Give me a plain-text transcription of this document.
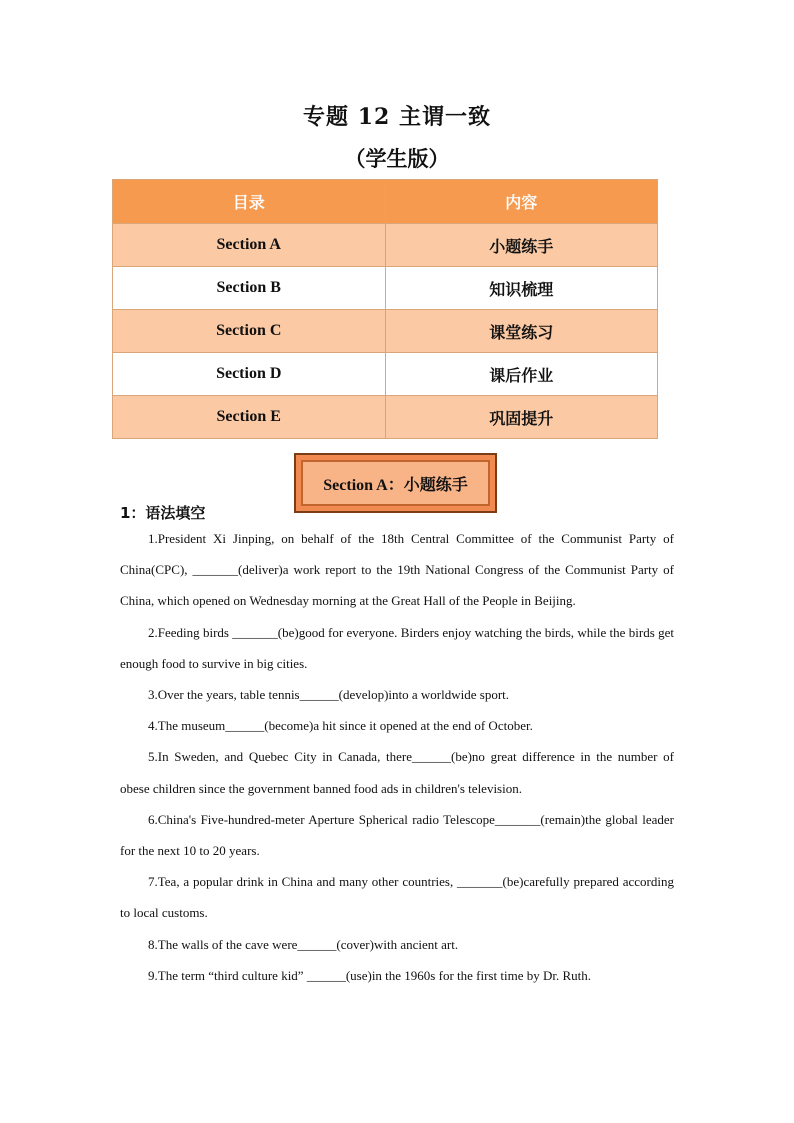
专题 12 主谓一致
（学生版）
目录	内容
Section A	小题练手
Section B	知识梳理
Section C	课堂练习
Section D	课后作业
Section E	巩固提升
Section A：小题练手
1：语法填空

1.President Xi Jinping, on behalf of the 18th Central Committee of the Communist Party of China(CPC), _______(deliver)a work report to the 19th National Congress of the Communist Party of China, which opened on Wednesday morning at the Great Hall of the People in Beijing.

2.Feeding birds _______(be)good for everyone. Birders enjoy watching the birds, while the birds get enough food to survive in big cities.

3.Over the years, table tennis______(develop)into a worldwide sport.

4.The museum______(become)a hit since it opened at the end of October.

5.In Sweden, and Quebec City in Canada, there______(be)no great difference in the number of obese children since the government banned food ads in children's television.

6.China's Five-hundred-meter Aperture Spherical radio Telescope_______(remain)the global leader for the next 10 to 20 years.

7.Tea, a popular drink in China and many other countries, _______(be)carefully prepared according to local customs.

8.The walls of the cave were______(cover)with ancient art.

9.The term “third culture kid” ______(use)in the 1960s for the first time by Dr. Ruth.
